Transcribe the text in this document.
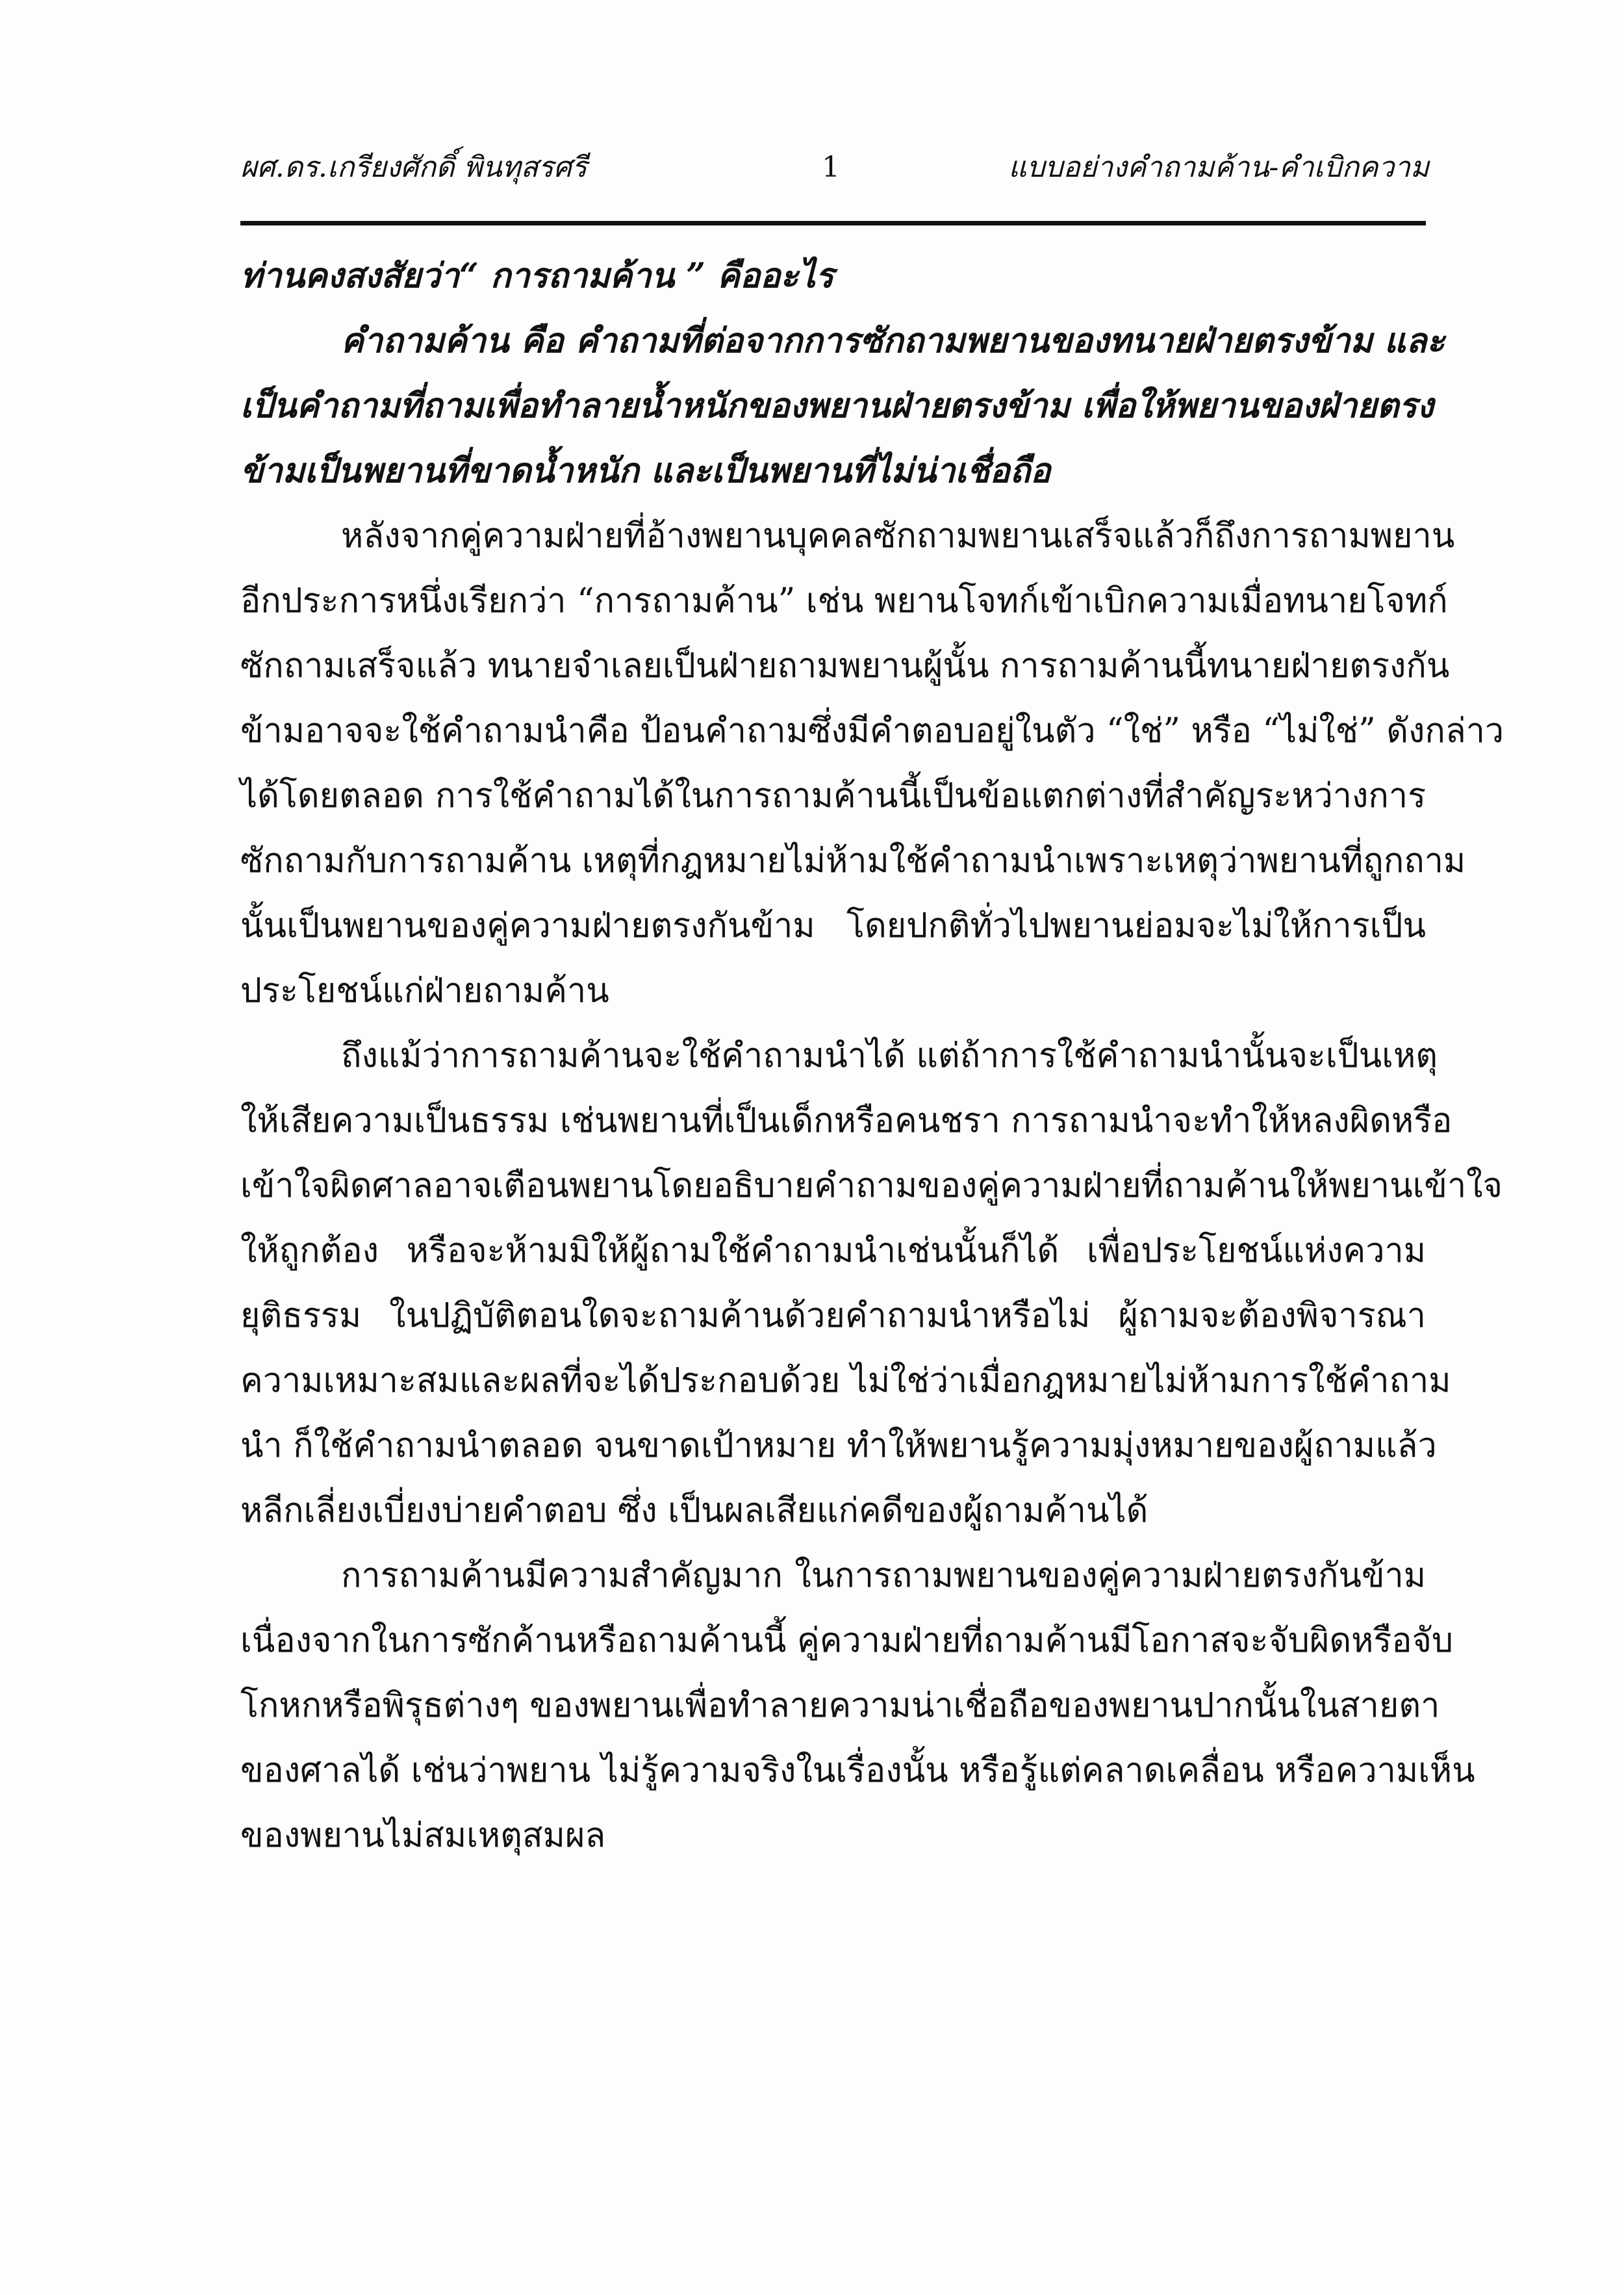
ผศ.ดร.เกรียงศักดิ์ พินทุสรศรี	1	แบบอย่างคำถามค้าน-คำเบิกความ
ท่านคงสงสัยว่า“ การถามค้าน ” คืออะไร
คำถามค้าน คือ คำถามที่ต่อจากการซักถามพยานของทนายฝ่ายตรงข้าม และ
เป็นคำถามที่ถามเพื่อทำลายน้ำหนักของพยานฝ่ายตรงข้าม เพื่อให้พยานของฝ่ายตรง
ข้ามเป็นพยานที่ขาดน้ำหนัก และเป็นพยานที่ไม่น่าเชื่อถือ
หลังจากคู่ความฝ่ายที่อ้างพยานบุคคลซักถามพยานเสร็จแล้วก็ถึงการถามพยาน
อีกประการหนึ่งเรียกว่า “การถามค้าน” เช่น พยานโจทก์เข้าเบิกความเมื่อทนายโจทก์
ซักถามเสร็จแล้ว ทนายจำเลยเป็นฝ่ายถามพยานผู้นั้น การถามค้านนี้ทนายฝ่ายตรงกัน
ข้ามอาจจะใช้คำถามนำคือ ป้อนคำถามซึ่งมีคำตอบอยู่ในตัว “ใช่” หรือ “ไม่ใช่” ดังกล่าว
ได้โดยตลอด การใช้คำถามได้ในการถามค้านนี้เป็นข้อแตกต่างที่สำคัญระหว่างการ
ซักถามกับการถามค้าน เหตุที่กฎหมายไม่ห้ามใช้คำถามนำเพราะเหตุว่าพยานที่ถูกถาม
นั้นเป็นพยานของคู่ความฝ่ายตรงกันข้าม โดยปกติทั่วไปพยานย่อมจะไม่ให้การเป็น
ประโยชน์แก่ฝ่ายถามค้าน
ถึงแม้ว่าการถามค้านจะใช้คำถามนำได้ แต่ถ้าการใช้คำถามนำนั้นจะเป็นเหตุ
ให้เสียความเป็นธรรม เช่นพยานที่เป็นเด็กหรือคนชรา การถามนำจะทำให้หลงผิดหรือ
เข้าใจผิดศาลอาจเตือนพยานโดยอธิบายคำถามของคู่ความฝ่ายที่ถามค้านให้พยานเข้าใจ
ให้ถูกต้อง หรือจะห้ามมิให้ผู้ถามใช้คำถามนำเช่นนั้นก็ได้ เพื่อประโยชน์แห่งความ
ยุติธรรม ในปฏิบัติตอนใดจะถามค้านด้วยคำถามนำหรือไม่ ผู้ถามจะต้องพิจารณา
ความเหมาะสมและผลที่จะได้ประกอบด้วย ไม่ใช่ว่าเมื่อกฎหมายไม่ห้ามการใช้คำถาม
นำ ก็ใช้คำถามนำตลอด จนขาดเป้าหมาย ทำให้พยานรู้ความมุ่งหมายของผู้ถามแล้ว
หลีกเลี่ยงเบี่ยงบ่ายคำตอบ ซึ่ง เป็นผลเสียแก่คดีของผู้ถามค้านได้
การถามค้านมีความสำคัญมาก ในการถามพยานของคู่ความฝ่ายตรงกันข้าม
เนื่องจากในการซักค้านหรือถามค้านนี้ คู่ความฝ่ายที่ถามค้านมีโอกาสจะจับผิดหรือจับ
โกหกหรือพิรุธต่างๆ ของพยานเพื่อทำลายความน่าเชื่อถือของพยานปากนั้นในสายตา
ของศาลได้ เช่นว่าพยาน ไม่รู้ความจริงในเรื่องนั้น หรือรู้แต่คลาดเคลื่อน หรือความเห็น
ของพยานไม่สมเหตุสมผล
